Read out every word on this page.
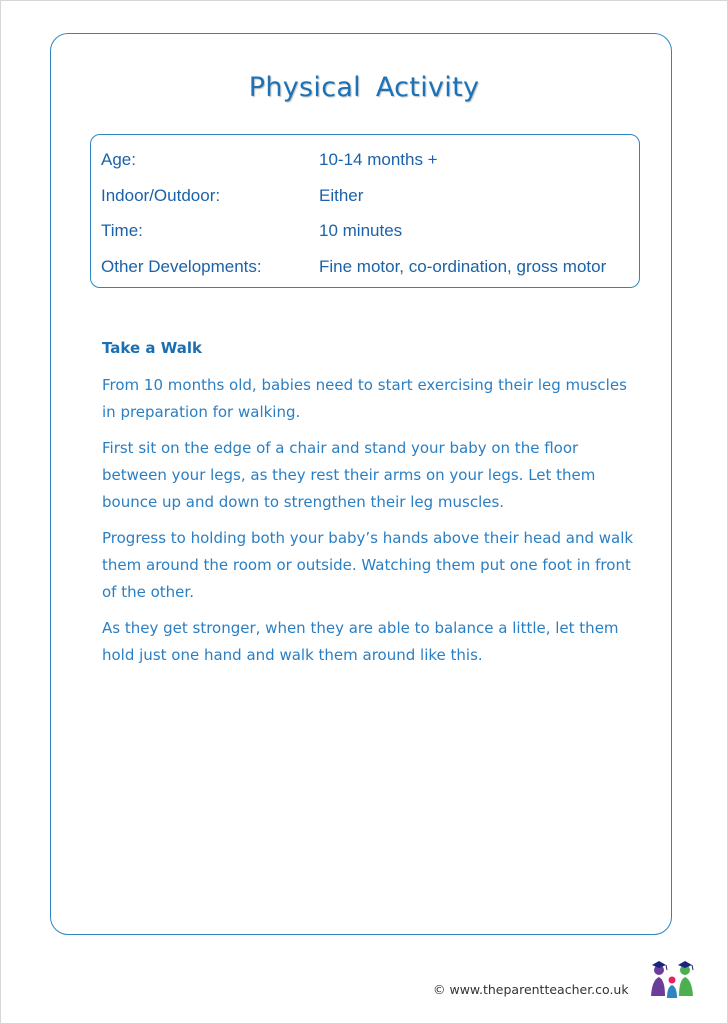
Physical Activity
Age:	10-14 months +
Indoor/Outdoor:	Either
Time:	10 minutes
Other Developments:	Fine motor, co-ordination, gross motor
Take a Walk

From 10 months old, babies need to start exercising their leg muscles in preparation for walking.

First sit on the edge of a chair and stand your baby on the floor between your legs, as they rest their arms on your legs. Let them bounce up and down to strengthen their leg muscles.

Progress to holding both your baby’s hands above their head and walk them around the room or outside. Watching them put one foot in front of the other.

As they get stronger, when they are able to balance a little, let them hold just one hand and walk them around like this.

© www.theparentteacher.co.uk
